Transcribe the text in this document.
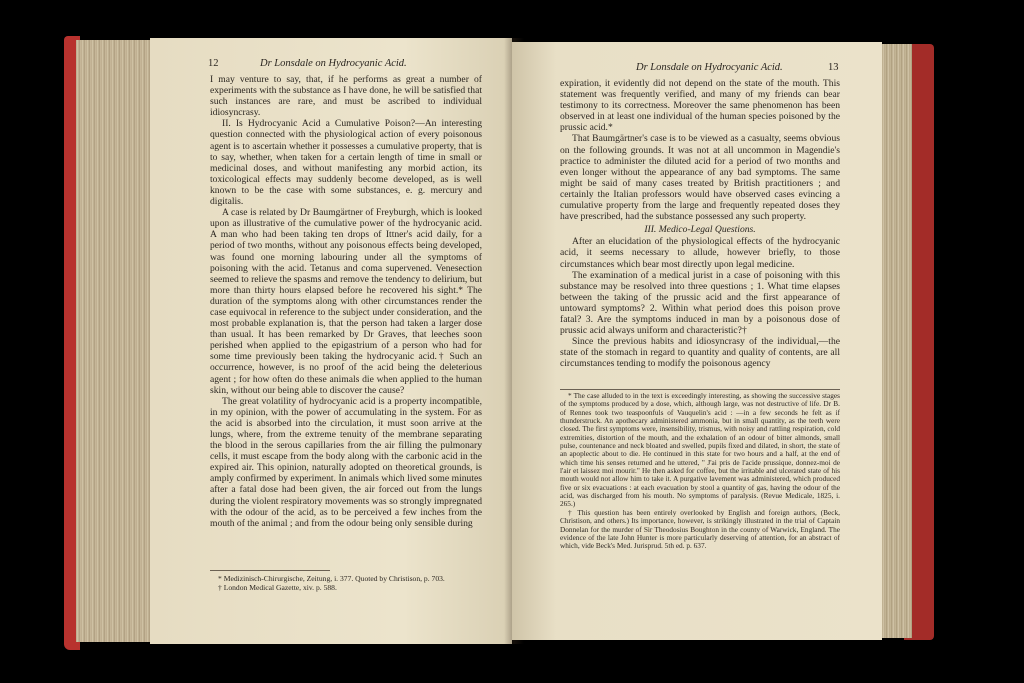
12	Dr Lonsdale on Hydrocyanic Acid.

I may venture to say, that, if he performs as great a number of experiments with the substance as I have done, he will be satisfied that such instances are rare, and must be ascribed to individual idiosyncrasy.

II. Is Hydrocyanic Acid a Cumulative Poison?—An interesting question connected with the physiological action of every poisonous agent is to ascertain whether it possesses a cumulative property, that is to say, whether, when taken for a certain length of time in small or medicinal doses, and without manifesting any morbid action, its toxicological effects may suddenly become developed, as is well known to be the case with some substances, e. g. mercury and digitalis.

A case is related by Dr Baumgärtner of Freyburgh, which is looked upon as illustrative of the cumulative power of the hydrocyanic acid. A man who had been taking ten drops of Ittner's acid daily, for a period of two months, without any poisonous effects being developed, was found one morning labouring under all the symptoms of poisoning with the acid. Tetanus and coma supervened. Venesection seemed to relieve the spasms and remove the tendency to delirium, but more than thirty hours elapsed before he recovered his sight.* The duration of the symptoms along with other circumstances render the case equivocal in reference to the subject under consideration, and the most probable explanation is, that the person had taken a larger dose than usual. It has been remarked by Dr Graves, that leeches soon perished when applied to the epigastrium of a person who had for some time previously been taking the hydrocyanic acid.† Such an occurrence, however, is no proof of the acid being the deleterious agent ; for how often do these animals die when applied to the human skin, without our being able to discover the cause?

The great volatility of hydrocyanic acid is a property incompatible, in my opinion, with the power of accumulating in the system. For as the acid is absorbed into the circulation, it must soon arrive at the lungs, where, from the extreme tenuity of the membrane separating the blood in the serous capillaries from the air filling the pulmonary cells, it must escape from the body along with the carbonic acid in the expired air. This opinion, naturally adopted on theoretical grounds, is amply confirmed by experiment. In animals which lived some minutes after a fatal dose had been given, the air forced out from the lungs during the violent respiratory movements was so strongly impregnated with the odour of the acid, as to be perceived a few inches from the mouth of the animal ; and from the odour being only sensible during

* Medizinisch-Chirurgische, Zeitung, i. 377. Quoted by Christison, p. 703.

† London Medical Gazette, xiv. p. 588.

Dr Lonsdale on Hydrocyanic Acid.	13

expiration, it evidently did not depend on the state of the mouth. This statement was frequently verified, and many of my friends can bear testimony to its correctness. Moreover the same phenomenon has been observed in at least one individual of the human species poisoned by the prussic acid.*

That Baumgärtner's case is to be viewed as a casualty, seems obvious on the following grounds. It was not at all uncommon in Magendie's practice to administer the diluted acid for a period of two months and even longer without the appearance of any bad symptoms. The same might be said of many cases treated by British practitioners ; and certainly the Italian professors would have observed cases evincing a cumulative property from the large and frequently repeated doses they have prescribed, had the substance possessed any such property.

III. Medico-Legal Questions.

After an elucidation of the physiological effects of the hydrocyanic acid, it seems necessary to allude, however briefly, to those circumstances which bear most directly upon legal medicine.

The examination of a medical jurist in a case of poisoning with this substance may be resolved into three questions ; 1. What time elapses between the taking of the prussic acid and the first appearance of untoward symptoms? 2. Within what period does this poison prove fatal? 3. Are the symptoms induced in man by a poisonous dose of prussic acid always uniform and characteristic?†

Since the previous habits and idiosyncrasy of the individual,—the state of the stomach in regard to quantity and quality of contents, are all circumstances tending to modify the poisonous agency

* The case alluded to in the text is exceedingly interesting, as showing the successive stages of the symptoms produced by a dose, which, although large, was not destructive of life. Dr B. of Rennes took two teaspoonfuls of Vauquelin's acid : —in a few seconds he felt as if thunderstruck. An apothecary administered ammonia, but in small quantity, as the teeth were closed. The first symptoms were, insensibility, trismus, with noisy and rattling respiration, cold extremities, distortion of the mouth, and the exhalation of an odour of bitter almonds, small pulse, countenance and neck bloated and swelled, pupils fixed and dilated, in short, the state of an apoplectic about to die. He continued in this state for two hours and a half, at the end of which time his senses returned and he uttered, " J'ai pris de l'acide prussique, donnez-moi de l'air et laissez moi mourir." He then asked for coffee, but the irritable and ulcerated state of his mouth would not allow him to take it. A purgative lavement was administered, which produced five or six evacuations : at each evacuation by stool a quantity of gas, having the odour of the acid, was discharged from his mouth. No symptoms of paralysis. (Revue Medicale, 1825, i. 265.)

† This question has been entirely overlooked by English and foreign authors, (Beck, Christison, and others.) Its importance, however, is strikingly illustrated in the trial of Captain Donnelan for the murder of Sir Theodosius Boughton in the county of Warwick, England. The evidence of the late John Hunter is more particularly deserving of attention, for an abstract of which, vide Beck's Med. Jurisprud. 5th ed. p. 637.
